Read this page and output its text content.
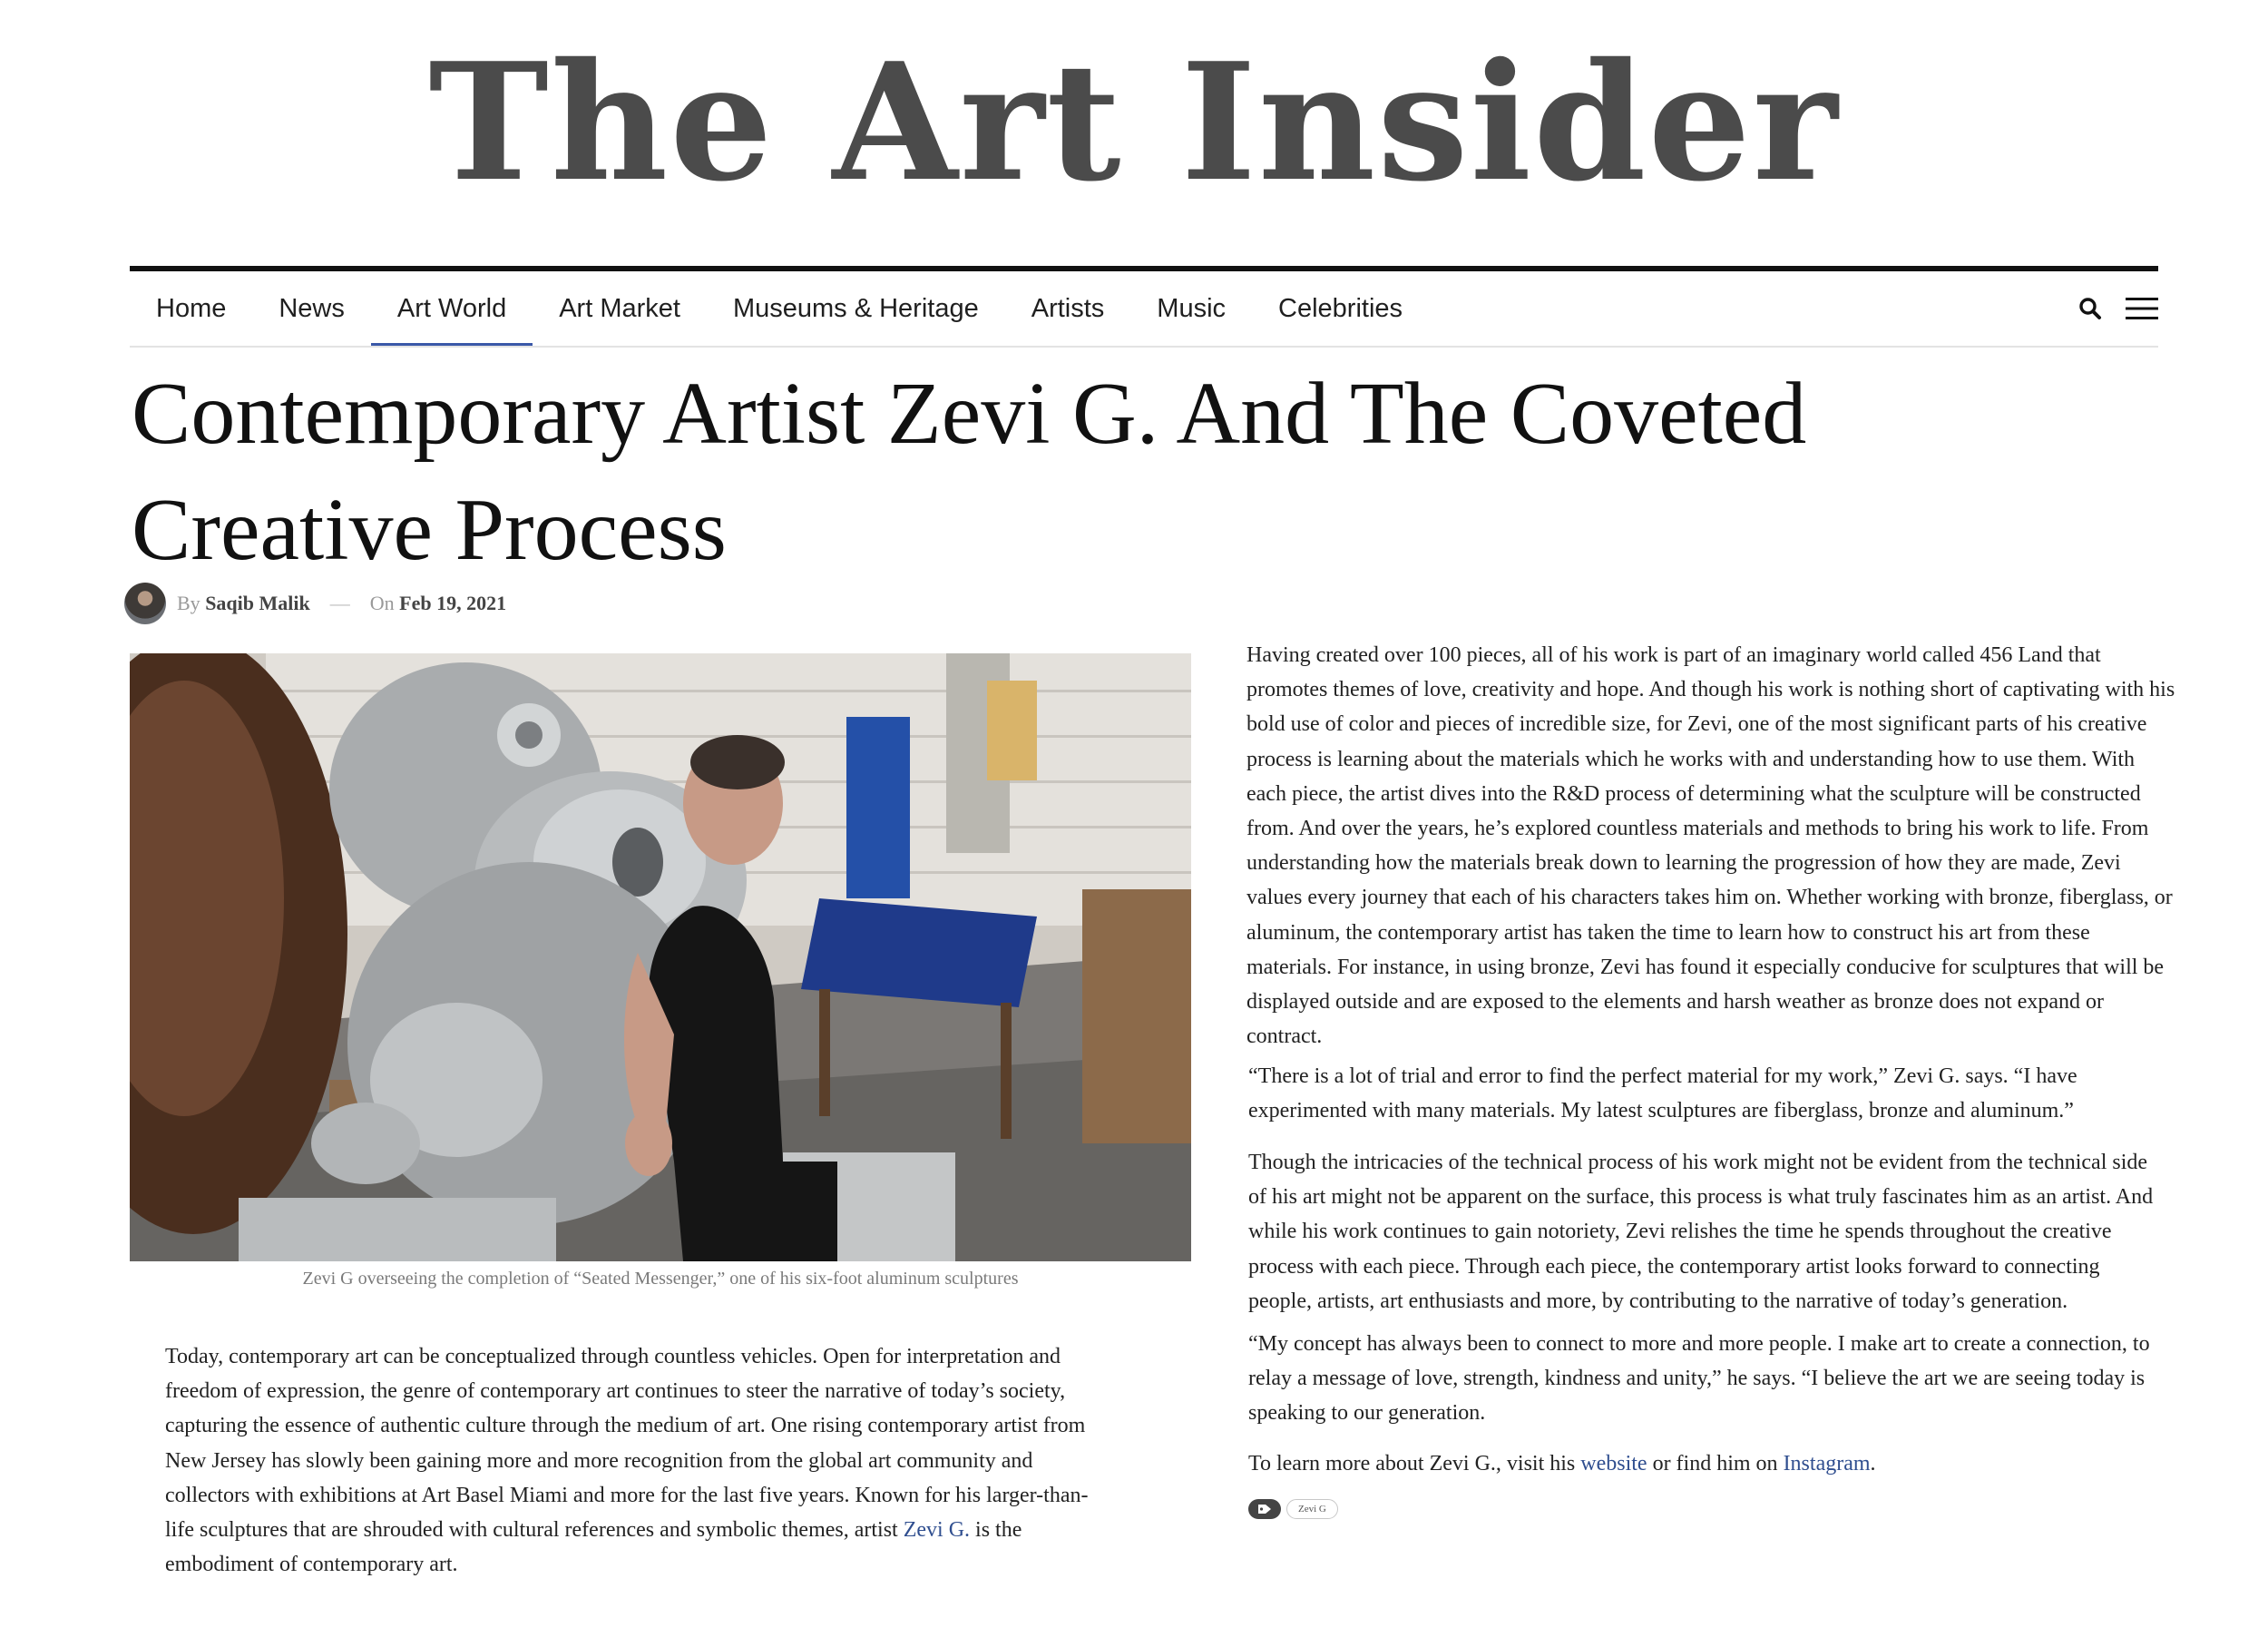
The Art Insider
Home News Art World Art Market Museums & Heritage Artists Music Celebrities
Contemporary Artist Zevi G. And The Coveted Creative Process
By
Saqib Malik — On
Feb 19, 2021
Zevi G overseeing the completion of “Seated Messenger,” one of his six-foot aluminum sculptures

Today, contemporary art can be conceptualized through countless vehicles. Open for interpretation and freedom of expression, the genre of contemporary art continues to steer the narrative of today’s society, capturing the essence of authentic culture through the medium of art. One rising contemporary artist from New Jersey has slowly been gaining more and more recognition from the global art community and collectors with exhibitions at Art Basel Miami and more for the last five years. Known for his larger-than-life sculptures that are shrouded with cultural references and symbolic themes, artist Zevi G. is the embodiment of contemporary art.

Having created over 100 pieces, all of his work is part of an imaginary world called 456 Land that promotes themes of love, creativity and hope. And though his work is nothing short of captivating with his bold use of color and pieces of incredible size, for Zevi, one of the most significant parts of his creative process is learning about the materials which he works with and understanding how to use them. With each piece, the artist dives into the R&D process of determining what the sculpture will be constructed from. And over the years, he’s explored countless materials and methods to bring his work to life. From understanding how the materials break down to learning the progression of how they are made, Zevi values every journey that each of his characters takes him on. Whether working with bronze, fiberglass, or aluminum, the contemporary artist has taken the time to learn how to construct his art from these materials. For instance, in using bronze, Zevi has found it especially conducive for sculptures that will be displayed outside and are exposed to the elements and harsh weather as bronze does not expand or contract.

“There is a lot of trial and error to find the perfect material for my work,” Zevi G. says. “I have experimented with many materials. My latest sculptures are fiberglass, bronze and aluminum.”

Though the intricacies of the technical process of his work might not be evident from the technical side of his art might not be apparent on the surface, this process is what truly fascinates him as an artist. And while his work continues to gain notoriety, Zevi relishes the time he spends throughout the creative process with each piece. Through each piece, the contemporary artist looks forward to connecting people, artists, art enthusiasts and more, by contributing to the narrative of today’s generation.

“My concept has always been to connect to more and more people. I make art to create a connection, to relay a message of love, strength, kindness and unity,” he says. “I believe the art we are seeing today is speaking to our generation.

To learn more about Zevi G., visit his website or find him on Instagram.

Zevi G
